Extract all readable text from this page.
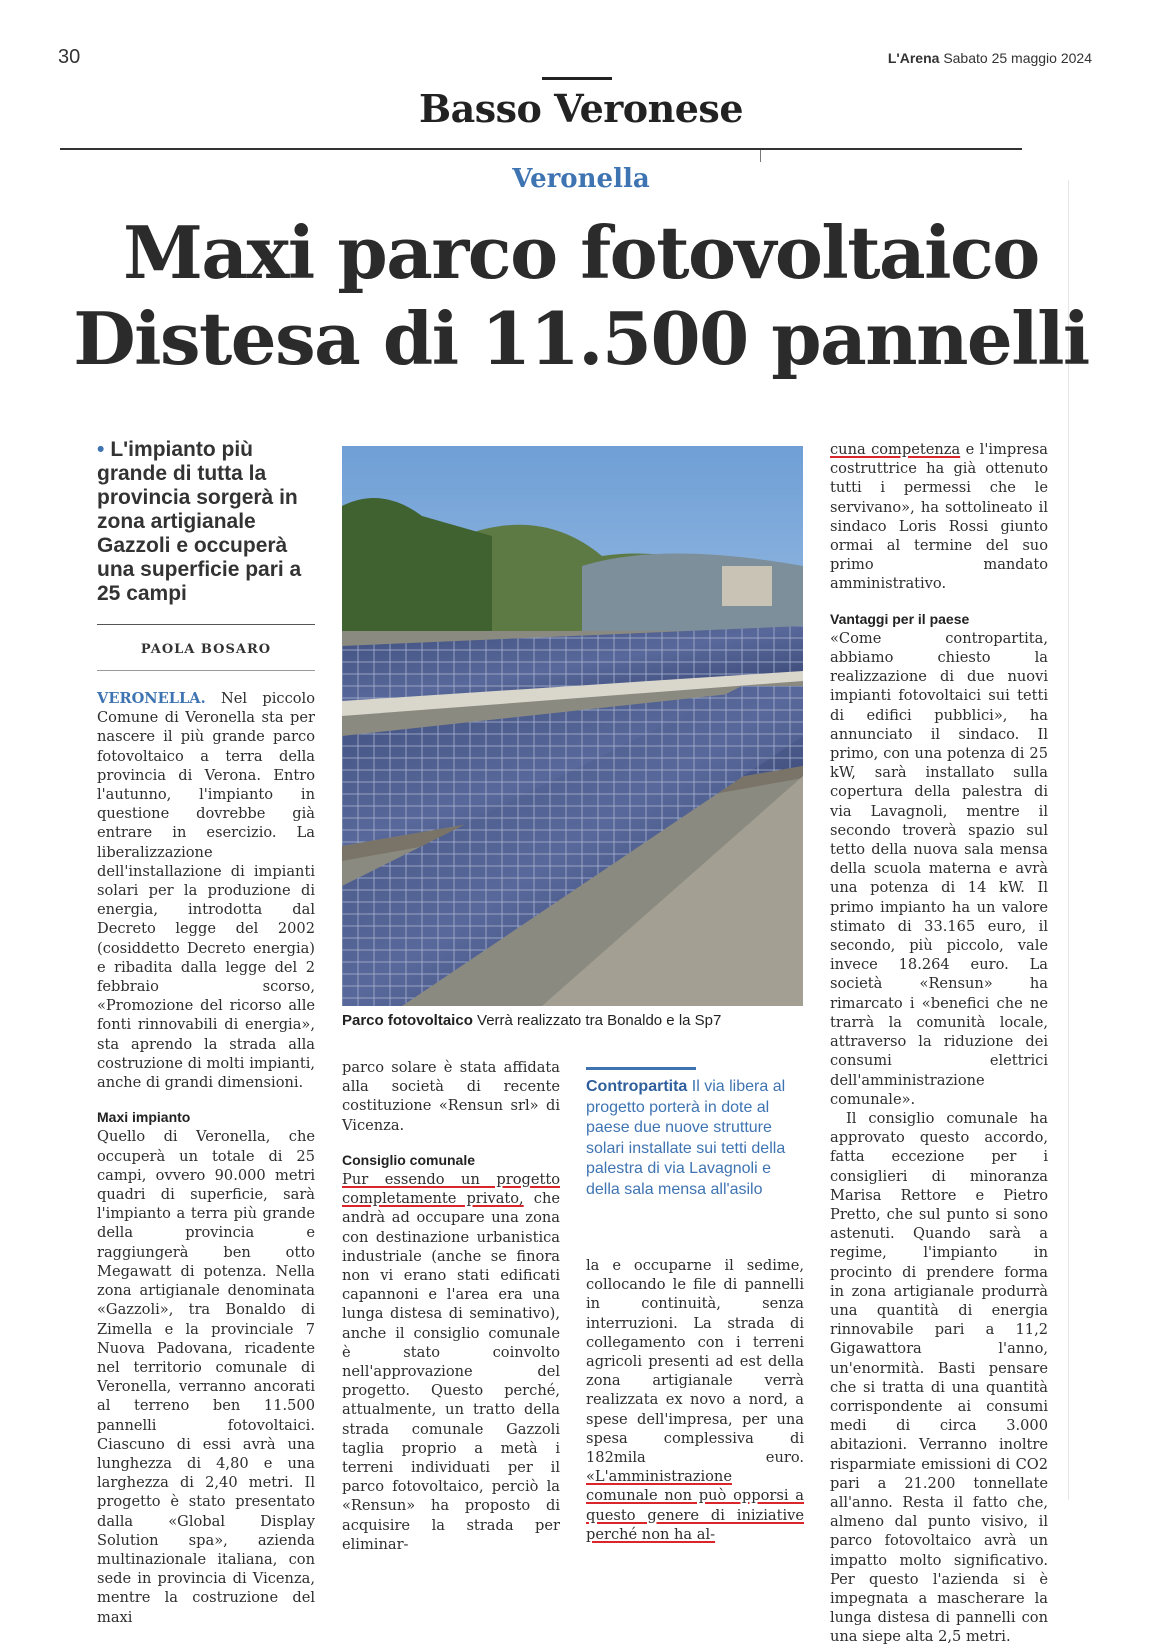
30	L'Arena Sabato 25 maggio 2024
Basso Veronese
Veronella
Maxi parco fotovoltaico
Distesa di 11.500 pannelli
• L'impianto più grande di tutta la provincia sorgerà in zona artigianale Gazzoli e occuperà una superficie pari a 25 campi
PAOLA BOSARO
VERONELLA. Nel piccolo Comune di Veronella sta per nascere il più grande parco fotovoltaico a terra della provincia di Verona. Entro l'autunno, l'impianto in questione dovrebbe già entrare in esercizio. La liberalizzazione dell'installazione di impianti solari per la produzione di energia, introdotta dal Decreto legge del 2002 (cosiddetto Decreto energia) e ribadita dalla legge del 2 febbraio scorso, «Promozione del ricorso alle fonti rinnovabili di energia», sta aprendo la strada alla costruzione di molti impianti, anche di grandi dimensioni.
Maxi impianto
Quello di Veronella, che occuperà un totale di 25 campi, ovvero 90.000 metri quadri di superficie, sarà l'impianto a terra più grande della provincia e raggiungerà ben otto Megawatt di potenza. Nella zona artigianale denominata «Gazzoli», tra Bonaldo di Zimella e la provinciale 7 Nuova Padovana, ricadente nel territorio comunale di Veronella, verranno ancorati al terreno ben 11.500 pannelli fotovoltaici. Ciascuno di essi avrà una lunghezza di 4,80 e una larghezza di 2,40 metri. Il progetto è stato presentato dalla «Global Display Solution spa», azienda multinazionale italiana, con sede in provincia di Vicenza, mentre la costruzione del maxi
Parco fotovoltaico Verrà realizzato tra Bonaldo e la Sp7
parco solare è stata affidata alla società di recente costituzione «Rensun srl» di Vicenza.
Consiglio comunale
Pur essendo un progetto completamente privato, che andrà ad occupare una zona con destinazione urbanistica industriale (anche se finora non vi erano stati edificati capannoni e l'area era una lunga distesa di seminativo), anche il consiglio comunale è stato coinvolto nell'approvazione del progetto. Questo perché, attualmente, un tratto della strada comunale Gazzoli taglia proprio a metà i terreni individuati per il parco fotovoltaico, perciò la «Rensun» ha proposto di acquisire la strada per eliminar-
Contropartita Il via libera al progetto porterà in dote al paese due nuove strutture solari installate sui tetti della palestra di via Lavagnoli e della sala mensa all'asilo
la e occuparne il sedime, collocando le file di pannelli in continuità, senza interruzioni. La strada di collegamento con i terreni agricoli presenti ad est della zona artigianale verrà realizzata ex novo a nord, a spese dell'impresa, per una spesa complessiva di 182mila euro. «L'amministrazione comunale non può opporsi a questo genere di iniziative perché non ha al-
cuna competenza e l'impresa costruttrice ha già ottenuto tutti i permessi che le servivano», ha sottolineato il sindaco Loris Rossi giunto ormai al termine del suo primo mandato amministrativo.
Vantaggi per il paese
«Come contropartita, abbiamo chiesto la realizzazione di due nuovi impianti fotovoltaici sui tetti di edifici pubblici», ha annunciato il sindaco. Il primo, con una potenza di 25 kW, sarà installato sulla copertura della palestra di via Lavagnoli, mentre il secondo troverà spazio sul tetto della nuova sala mensa della scuola materna e avrà una potenza di 14 kW. Il primo impianto ha un valore stimato di 33.165 euro, il secondo, più piccolo, vale invece 18.264 euro. La società «Rensun» ha rimarcato i «benefici che ne trarrà la comunità locale, attraverso la riduzione dei consumi elettrici dell'amministrazione comunale».
Il consiglio comunale ha approvato questo accordo, fatta eccezione per i consiglieri di minoranza Marisa Rettore e Pietro Pretto, che sul punto si sono astenuti. Quando sarà a regime, l'impianto in procinto di prendere forma in zona artigianale produrrà una quantità di energia rinnovabile pari a 11,2 Gigawattora l'anno, un'enormità. Basti pensare che si tratta di una quantità corrispondente ai consumi medi di circa 3.000 abitazioni. Verranno inoltre risparmiate emissioni di CO2 pari a 21.200 tonnellate all'anno. Resta il fatto che, almeno dal punto visivo, il parco fotovoltaico avrà un impatto molto significativo. Per questo l'azienda si è impegnata a mascherare la lunga distesa di pannelli con una siepe alta 2,5 metri.
